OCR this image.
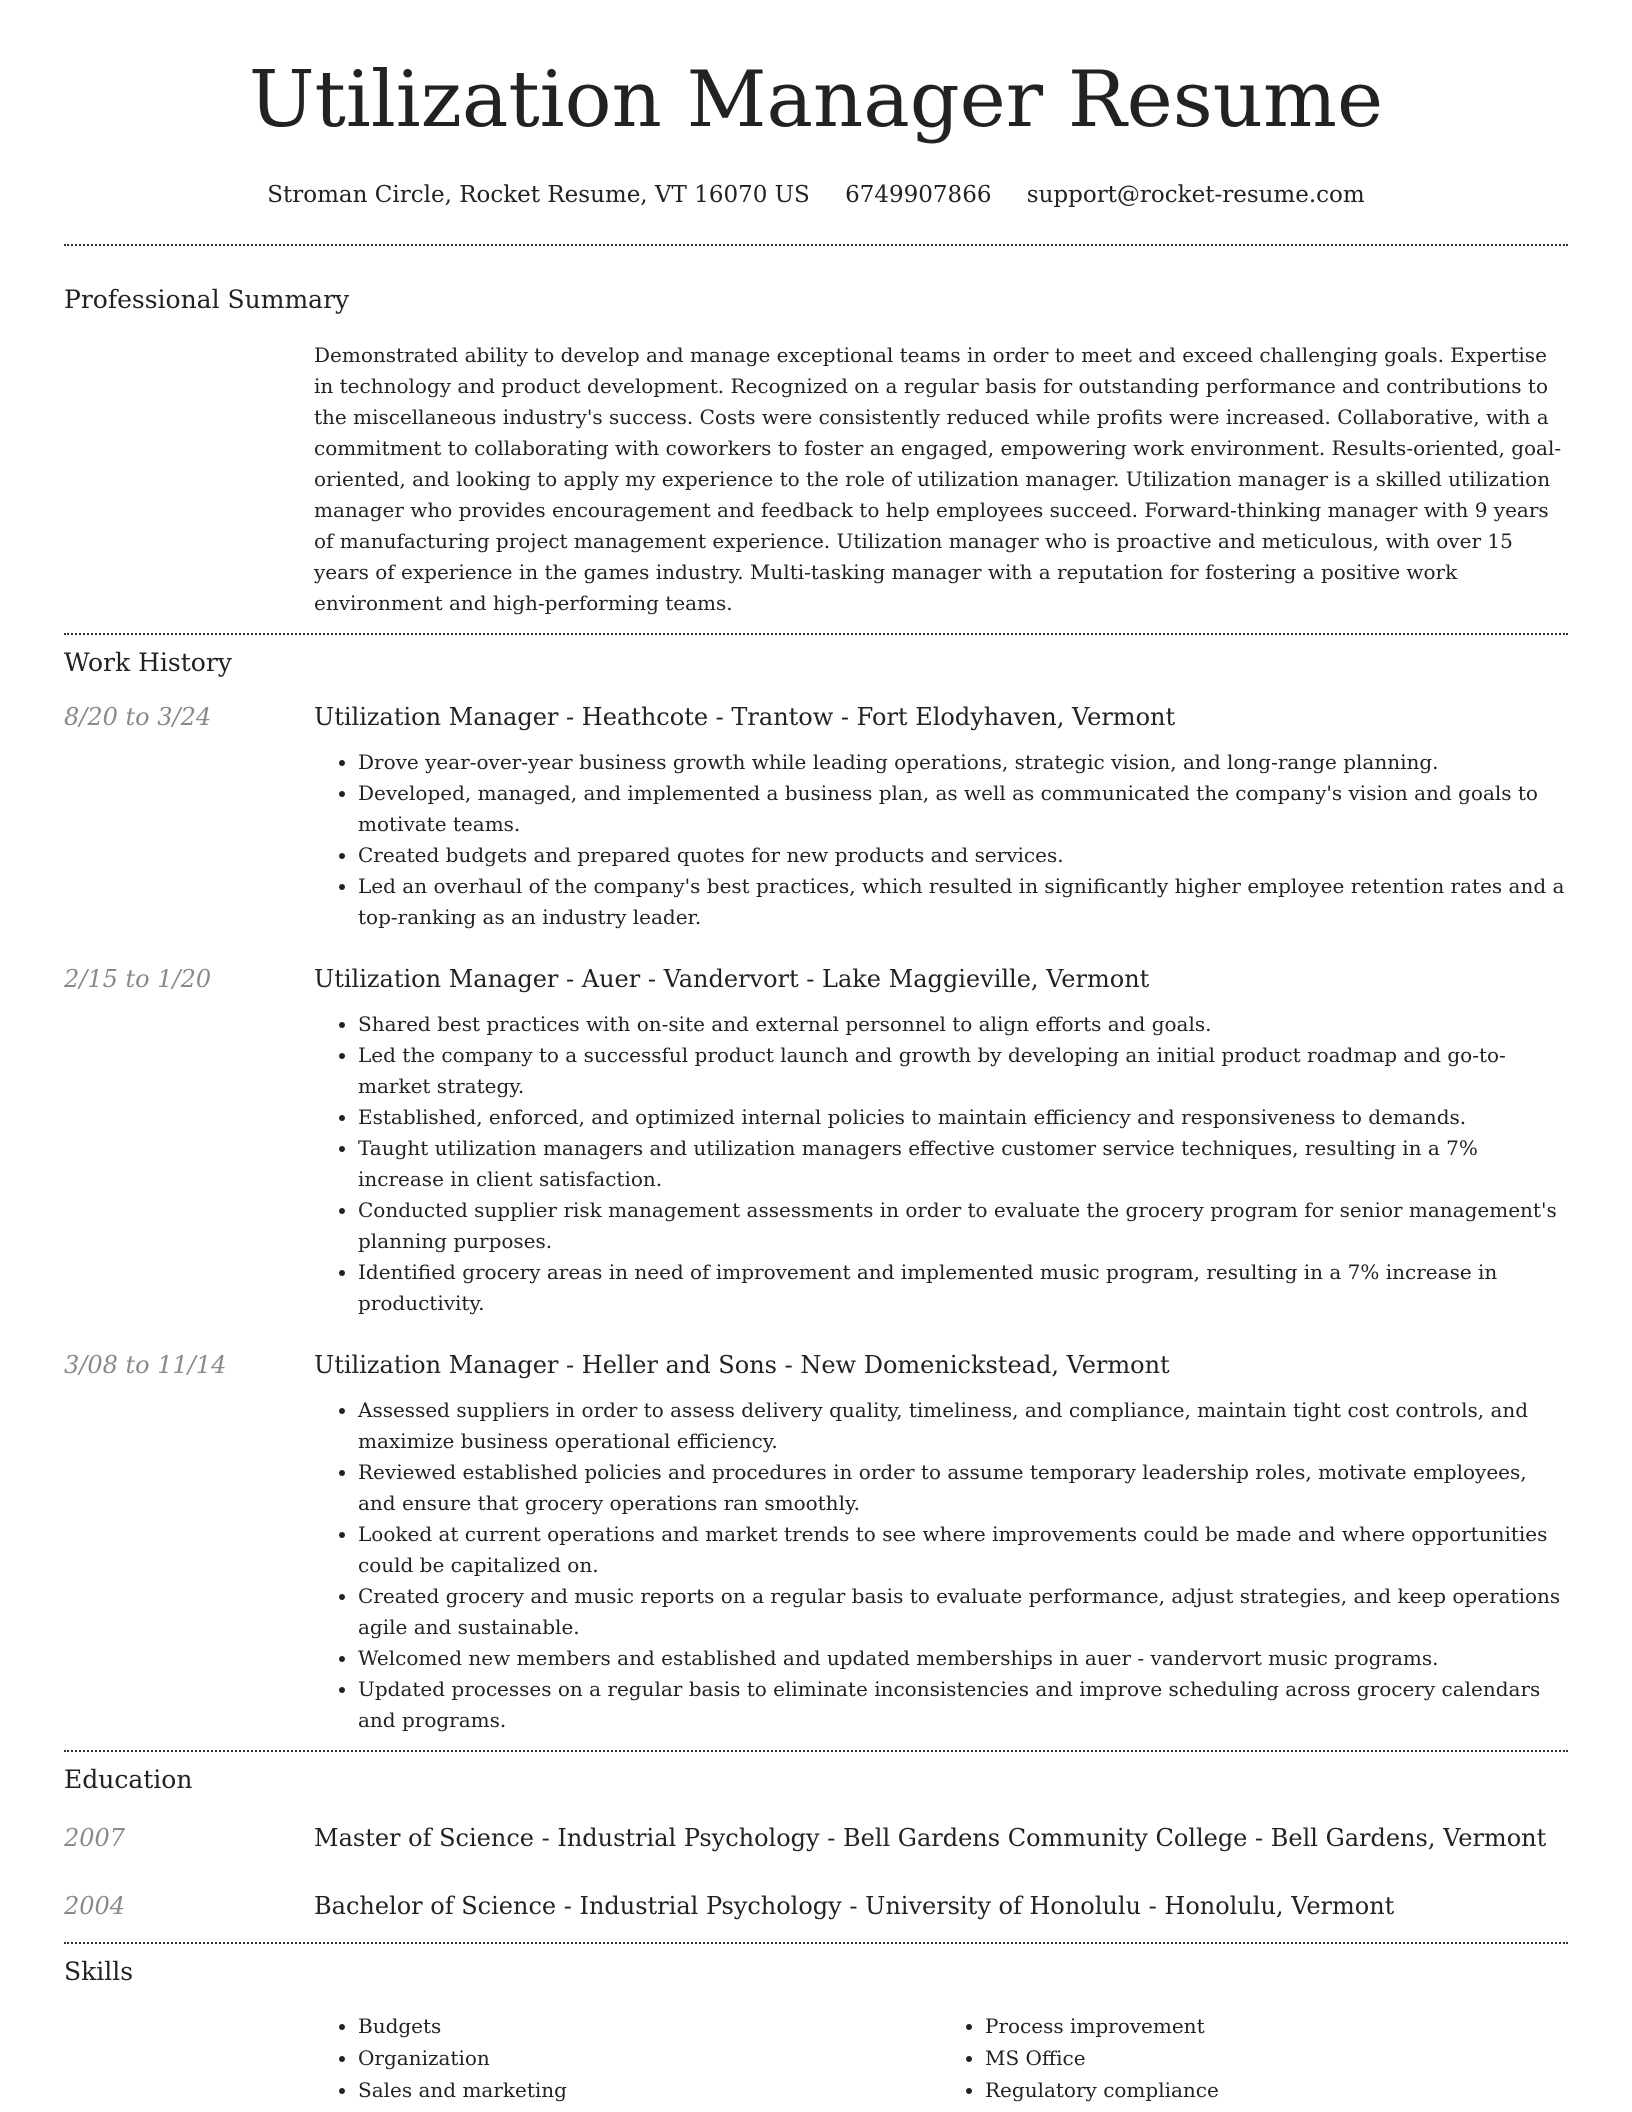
Utilization Manager Resume
Stroman Circle, Rocket Resume, VT 16070 US 6749907866 support@rocket-resume.com
Professional Summary
Demonstrated ability to develop and manage exceptional teams in order to meet and exceed challenging goals. Expertise in technology and product development. Recognized on a regular basis for outstanding performance and contributions to the miscellaneous industry's success. Costs were consistently reduced while profits were increased. Collaborative, with a commitment to collaborating with coworkers to foster an engaged, empowering work environment. Results-oriented, goal-oriented, and looking to apply my experience to the role of utilization manager. Utilization manager is a skilled utilization manager who provides encouragement and feedback to help employees succeed. Forward-thinking manager with 9 years of manufacturing project management experience. Utilization manager who is proactive and meticulous, with over 15 years of experience in the games industry. Multi-tasking manager with a reputation for fostering a positive work environment and high-performing teams.
Work History
8/20 to 3/24	Utilization Manager - Heathcote - Trantow - Fort Elodyhaven, Vermont
• Drove year-over-year business growth while leading operations, strategic vision, and long-range planning.
• Developed, managed, and implemented a business plan, as well as communicated the company's vision and goals to motivate teams.
• Created budgets and prepared quotes for new products and services.
• Led an overhaul of the company's best practices, which resulted in significantly higher employee retention rates and a top-ranking as an industry leader.
2/15 to 1/20	Utilization Manager - Auer - Vandervort - Lake Maggieville, Vermont
• Shared best practices with on-site and external personnel to align efforts and goals.
• Led the company to a successful product launch and growth by developing an initial product roadmap and go-to-market strategy.
• Established, enforced, and optimized internal policies to maintain efficiency and responsiveness to demands.
• Taught utilization managers and utilization managers effective customer service techniques, resulting in a 7% increase in client satisfaction.
• Conducted supplier risk management assessments in order to evaluate the grocery program for senior management's planning purposes.
• Identified grocery areas in need of improvement and implemented music program, resulting in a 7% increase in productivity.
3/08 to 11/14	Utilization Manager - Heller and Sons - New Domenickstead, Vermont
• Assessed suppliers in order to assess delivery quality, timeliness, and compliance, maintain tight cost controls, and maximize business operational efficiency.
• Reviewed established policies and procedures in order to assume temporary leadership roles, motivate employees, and ensure that grocery operations ran smoothly.
• Looked at current operations and market trends to see where improvements could be made and where opportunities could be capitalized on.
• Created grocery and music reports on a regular basis to evaluate performance, adjust strategies, and keep operations agile and sustainable.
• Welcomed new members and established and updated memberships in auer - vandervort music programs.
• Updated processes on a regular basis to eliminate inconsistencies and improve scheduling across grocery calendars and programs.
Education
2007	Master of Science - Industrial Psychology - Bell Gardens Community College - Bell Gardens, Vermont
2004	Bachelor of Science - Industrial Psychology - University of Honolulu - Honolulu, Vermont
Skills
• Budgets
• Organization
• Sales and marketing
• Process improvement
• MS Office
• Regulatory compliance
